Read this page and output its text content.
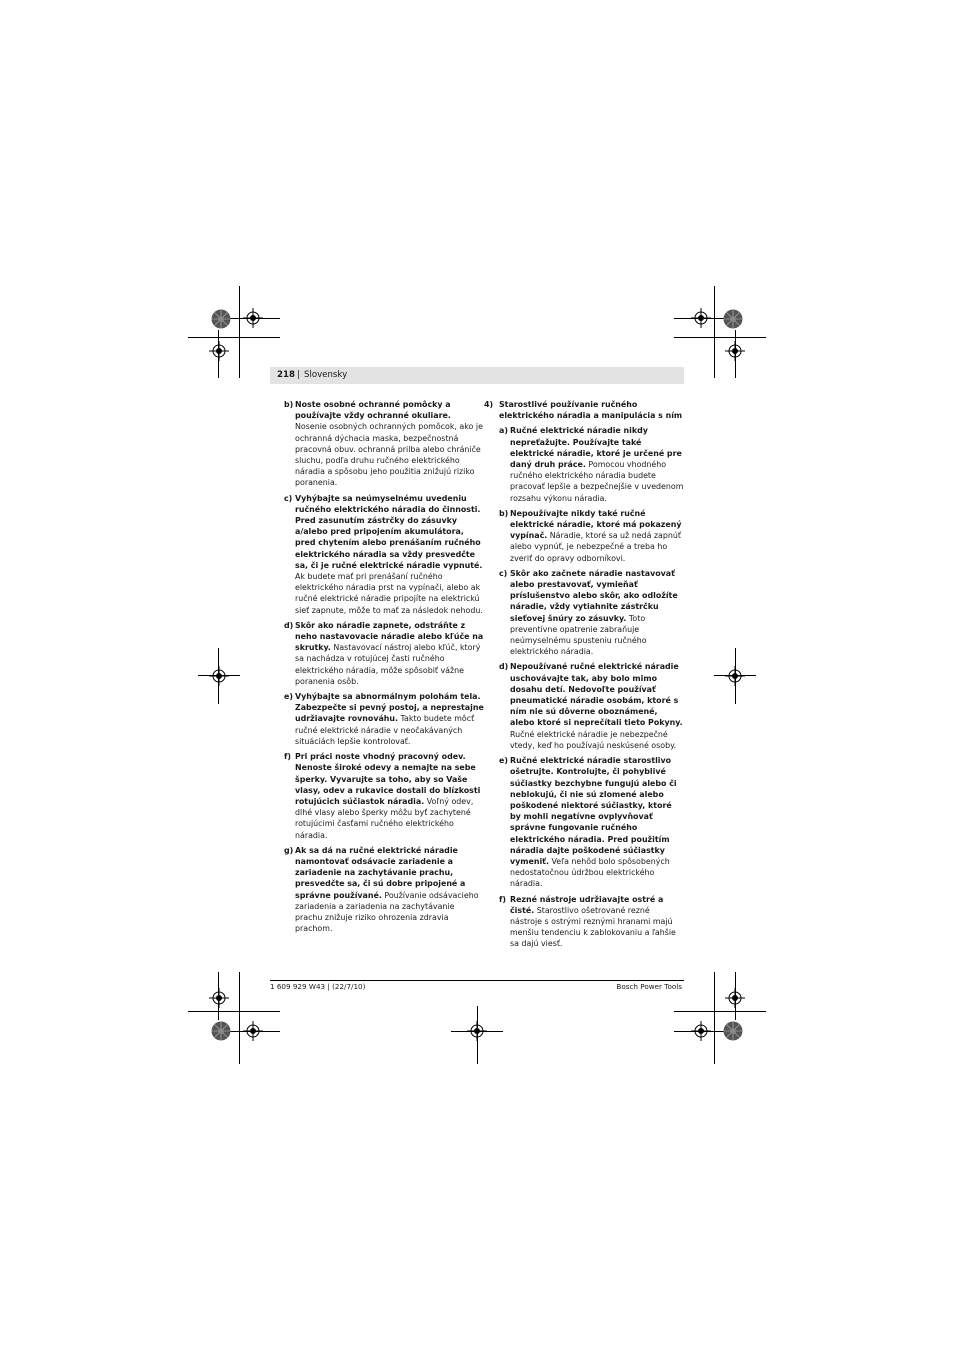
218 | Slovensky
b) Noste osobné ochranné pomôcky a používajte vždy ochranné okuliare. Nosenie osobných ochranných pomôcok, ako je ochranná dýchacia maska, bezpečnostná pracovná obuv. ochranná prilba alebo chrániče sluchu, podľa druhu ručného elektrického náradia a spôsobu jeho použitia znižujú riziko poranenia.
c) Vyhýbajte sa neúmyselnému uvedeniu ručného elektrického náradia do činnosti. Pred zasunutím zástrčky do zásuvky a/alebo pred pripojením akumulátora, pred chytením alebo prenášaním ručného elektrického náradia sa vždy presvedčte sa, či je ručné elektrické náradie vypnuté. Ak budete mať pri prenášaní ručného elektrického náradia prst na vypínači, alebo ak ručné elektrické náradie pripojíte na elektrickú sieť zapnute, môže to mať za následok nehodu.
d) Skôr ako náradie zapnete, odstráňte z neho nastavovacie náradie alebo kľúče na skrutky. Nastavovací nástroj alebo kľúč, ktorý sa nachádza v rotujúcej časti ručného elektrického náradia, môže spôsobiť vážne poranenia osôb.
e) Vyhýbajte sa abnormálnym polohám tela. Zabezpečte si pevný postoj, a neprestajne udržiavajte rovnováhu. Takto budete môcť ručné elektrické náradie v neočakávaných situáciách lepšie kontrolovať.
f) Pri práci noste vhodný pracovný odev. Nenoste široké odevy a nemajte na sebe šperky. Vyvarujte sa toho, aby so Vaše vlasy, odev a rukavice dostali do blízkosti rotujúcich súčiastok náradia. Voľný odev, dlhé vlasy alebo šperky môžu byť zachytené rotujúcimi časťami ručného elektrického náradia.
g) Ak sa dá na ručné elektrické náradie namontovať odsávacie zariadenie a zariadenie na zachytávanie prachu, presvedčte sa, či sú dobre pripojené a správne používané. Používanie odsávacieho zariadenia a zariadenia na zachytávanie prachu znižuje riziko ohrozenia zdravia prachom.
4) Starostlivé používanie ručného elektrického náradia a manipulácia s ním
a) Ručné elektrické náradie nikdy nepreťažujte. Používajte také elektrické náradie, ktoré je určené pre daný druh práce. Pomocou vhodného ručného elektrického náradia budete pracovať lepšie a bezpečnejšie v uvedenom rozsahu výkonu náradia.
b) Nepoužívajte nikdy také ručné elektrické náradie, ktoré má pokazený vypínač. Náradie, ktoré sa už nedá zapnúť alebo vypnúť, je nebezpečné a treba ho zveriť do opravy odborníkovi.
c) Skôr ako začnete náradie nastavovať alebo prestavovať, vymieňať príslušenstvo alebo skôr, ako odložíte náradie, vždy vytiahnite zástrčku sieťovej šnúry zo zásuvky. Toto preventívne opatrenie zabraňuje neúmyselnému spusteniu ručného elektrického náradia.
d) Nepoužívané ručné elektrické náradie uschovávajte tak, aby bolo mimo dosahu detí. Nedovoľte používať pneumatické náradie osobám, ktoré s ním nie sú dôverne oboznámené, alebo ktoré si neprečítali tieto Pokyny. Ručné elektrické náradie je nebezpečné vtedy, keď ho používajú neskúsené osoby.
e) Ručné elektrické náradie starostlivo ošetrujte. Kontrolujte, či pohyblivé súčiastky bezchybne fungujú alebo či neblokujú, či nie sú zlomené alebo poškodené niektoré súčiastky, ktoré by mohli negatívne ovplyvňovať správne fungovanie ručného elektrického náradia. Pred použitím náradia dajte poškodené súčiastky vymeniť. Veľa nehôd bolo spôsobených nedostatočnou údržbou elektrického náradia.
f) Rezné nástroje udržiavajte ostré a čisté. Starostlivo ošetrované rezné nástroje s ostrými reznými hranami majú menšiu tendenciu k zablokovaniu a ľahšie sa dajú viesť.
1 609 929 W43 | (22/7/10)	Bosch Power Tools
